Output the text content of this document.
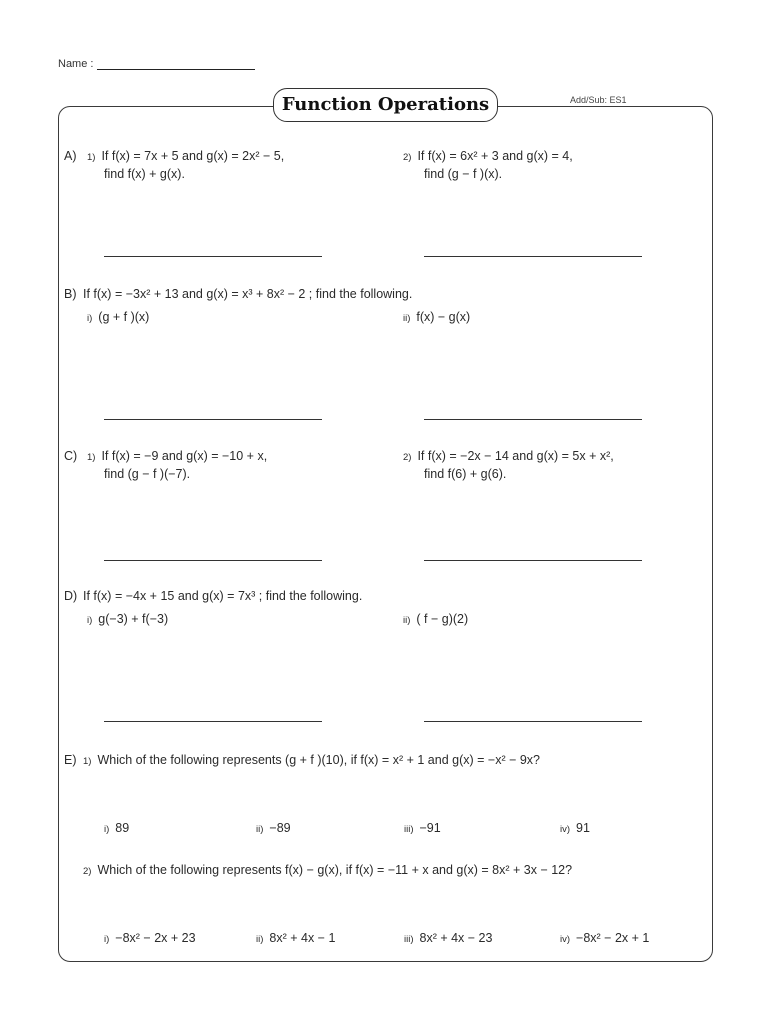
Name :
Add/Sub: ES1
Function Operations
A) 1) If f(x) = 7x + 5 and g(x) = 2x² − 5,
find f(x) + g(x).
2) If f(x) = 6x² + 3 and g(x) = 4,
find (g − f )(x).
B) If f(x) = −3x² + 13 and g(x) = x³ + 8x² − 2 ; find the following.
i) (g + f )(x)	ii) f(x) − g(x)
C) 1) If f(x) = −9 and g(x) = −10 + x,
find (g − f )(−7).
2) If f(x) = −2x − 14 and g(x) = 5x + x²,
find f(6) + g(6).
D) If f(x) = −4x + 15 and g(x) = 7x³ ; find the following.
i) g(−3) + f(−3)	ii) ( f − g)(2)
E) 1) Which of the following represents (g + f )(10), if f(x) = x² + 1 and g(x) = −x² − 9x?
i) 89	ii) −89	iii) −91	iv) 91
2) Which of the following represents f(x) − g(x), if f(x) = −11 + x and g(x) = 8x² + 3x − 12?
i) −8x² − 2x + 23	ii) 8x² + 4x − 1	iii) 8x² + 4x − 23	iv) −8x² − 2x + 1
